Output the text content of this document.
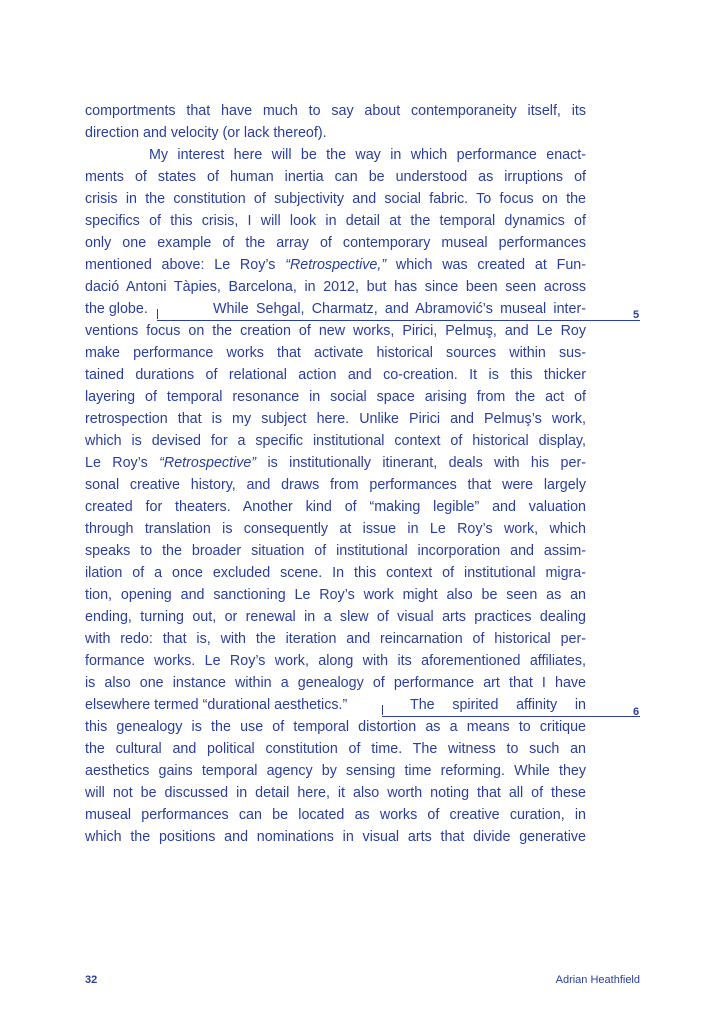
comportments that have much to say about contemporaneity itself, its

direction and velocity (or lack thereof).

My interest here will be the way in which performance enact-

ments of states of human inertia can be understood as irruptions of

crisis in the constitution of subjectivity and social fabric. To focus on the

specifics of this crisis, I will look in detail at the temporal dynamics of

only one example of the array of contemporary museal performances

mentioned above: Le Roy’s “Retrospective,” which was created at Fun-

dació Antoni Tàpies, Barcelona, in 2012, but has since been seen across

the globe.	While Sehgal, Charmatz, and Abramović’s museal inter-	5

ventions focus on the creation of new works, Pirici, Pelmuş, and Le Roy

make performance works that activate historical sources within sus-

tained durations of relational action and co-creation. It is this thicker

layering of temporal resonance in social space arising from the act of

retrospection that is my subject here. Unlike Pirici and Pelmuş’s work,

which is devised for a specific institutional context of historical display,

Le Roy’s “Retrospective” is institutionally itinerant, deals with his per-

sonal creative history, and draws from performances that were largely

created for theaters. Another kind of “making legible” and valuation

through translation is consequently at issue in Le Roy’s work, which

speaks to the broader situation of institutional incorporation and assim-

ilation of a once excluded scene. In this context of institutional migra-

tion, opening and sanctioning Le Roy’s work might also be seen as an

ending, turning out, or renewal in a slew of visual arts practices dealing

with redo: that is, with the iteration and reincarnation of historical per-

formance works. Le Roy’s work, along with its aforementioned affiliates,

is also one instance within a genealogy of performance art that I have

elsewhere termed “durational aesthetics.”	The spirited affinity in	6

this genealogy is the use of temporal distortion as a means to critique

the cultural and political constitution of time. The witness to such an

aesthetics gains temporal agency by sensing time reforming. While they

will not be discussed in detail here, it also worth noting that all of these

museal performances can be located as works of creative curation, in

which the positions and nominations in visual arts that divide generative

32	Adrian Heathfield
